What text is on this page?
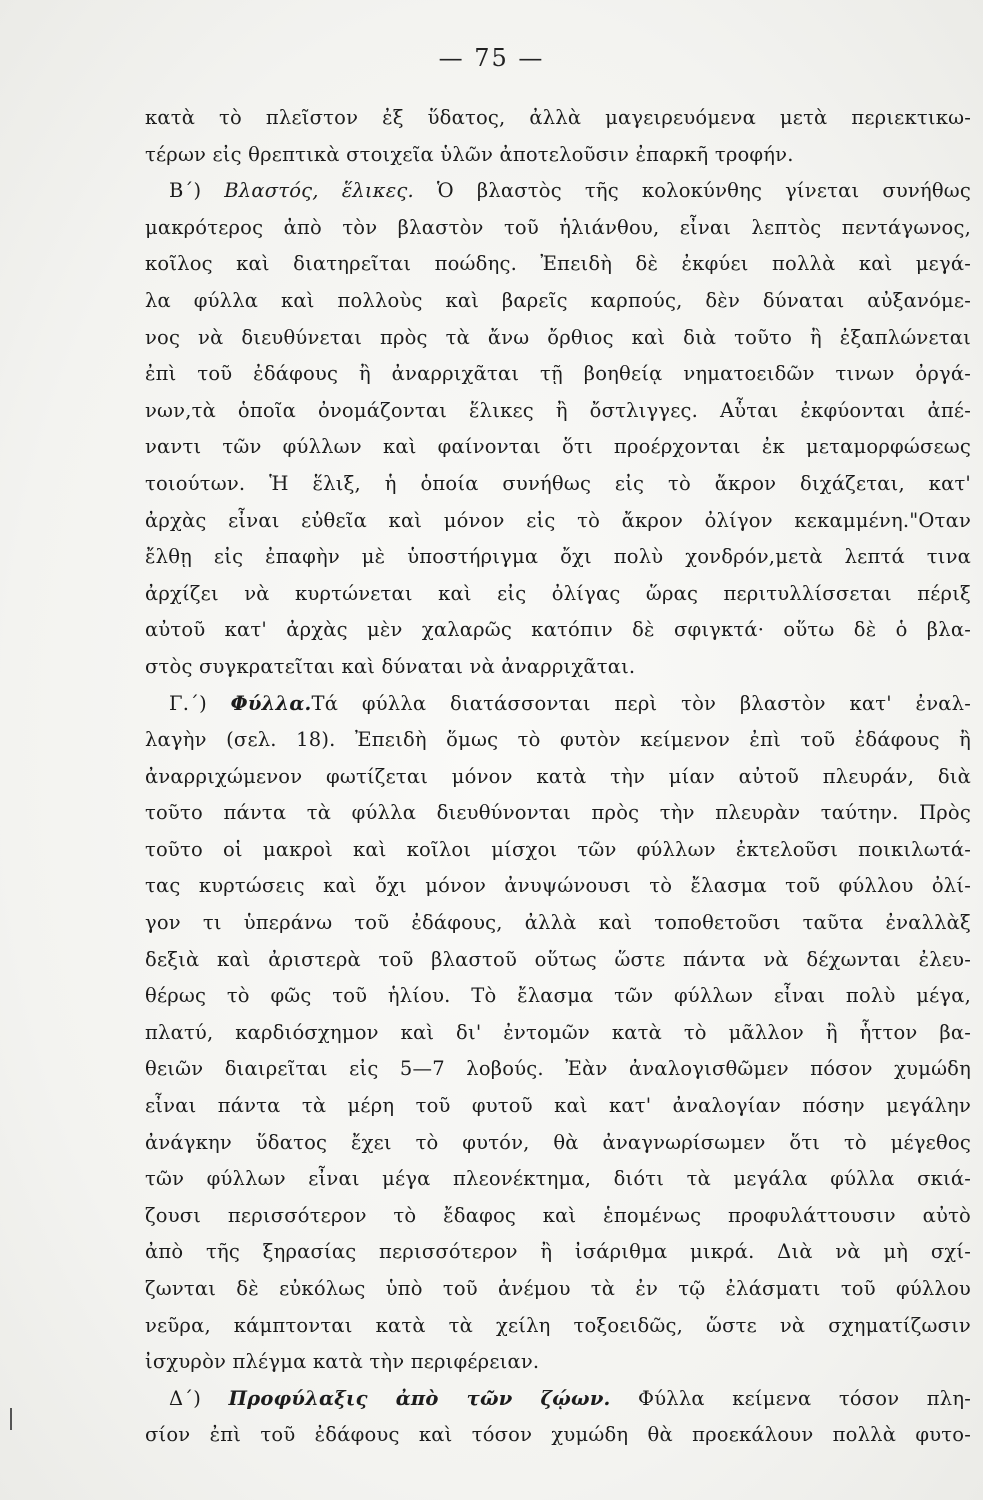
— 75 —
κατὰ τὸ πλεῖστον ἐξ ὕδατος, ἀλλὰ μαγειρευόμενα μετὰ περιεκτικω-
τέρων εἰς θρεπτικὰ στοιχεῖα ὑλῶν ἀποτελοῦσιν ἐπαρκῆ τροφήν.
Β΄) Βλαστός, ἕλικες. Ὁ βλαστὸς τῆς κολοκύνθης γίνεται συνήθως
μακρότερος ἀπὸ τὸν βλαστὸν τοῦ ἡλιάνθου, εἶναι λεπτὸς πεντάγωνος,
κοῖλος καὶ διατηρεῖται ποώδης. Ἐπειδὴ δὲ ἐκφύει πολλὰ καὶ μεγά-
λα φύλλα καὶ πολλοὺς καὶ βαρεῖς καρπούς, δὲν δύναται αὐξανόμε-
νος νὰ διευθύνεται πρὸς τὰ ἄνω ὄρθιος καὶ διὰ τοῦτο ἢ ἐξαπλώνεται
ἐπὶ τοῦ ἐδάφους ἢ ἀναρριχᾶται τῇ βοηθείᾳ νηματοειδῶν τινων ὀργά-
νων,τὰ ὁποῖα ὀνομάζονται ἕλικες ἢ ὄστλιγγες. Αὗται ἐκφύονται ἀπέ-
ναντι τῶν φύλλων καὶ φαίνονται ὅτι προέρχονται ἐκ μεταμορφώσεως
τοιούτων. Ἡ ἕλιξ, ἡ ὁποία συνήθως εἰς τὸ ἄκρον διχάζεται, κατ'
ἀρχὰς εἶναι εὐθεῖα καὶ μόνον εἰς τὸ ἄκρον ὀλίγον κεκαμμένη."Οταν
ἔλθῃ εἰς ἐπαφὴν μὲ ὑποστήριγμα ὄχι πολὺ χονδρόν,μετὰ λεπτά τινα
ἀρχίζει νὰ κυρτώνεται καὶ εἰς ὀλίγας ὥρας περιτυλλίσσεται πέριξ
αὐτοῦ κατ' ἀρχὰς μὲν χαλαρῶς κατόπιν δὲ σφιγκτά· οὕτω δὲ ὁ βλα-
στὸς συγκρατεῖται καὶ δύναται νὰ ἀναρριχᾶται.
Γ.΄) Φύλλα.Τά φύλλα διατάσσονται περὶ τὸν βλαστὸν κατ' ἐναλ-
λαγὴν (σελ. 18). Ἐπειδὴ ὅμως τὸ φυτὸν κείμενον ἐπὶ τοῦ ἐδάφους ἢ
ἀναρριχώμενον φωτίζεται μόνον κατὰ τὴν μίαν αὐτοῦ πλευράν, διὰ
τοῦτο πάντα τὰ φύλλα διευθύνονται πρὸς τὴν πλευρὰν ταύτην. Πρὸς
τοῦτο οἱ μακροὶ καὶ κοῖλοι μίσχοι τῶν φύλλων ἐκτελοῦσι ποικιλωτά-
τας κυρτώσεις καὶ ὄχι μόνον ἀνυψώνουσι τὸ ἔλασμα τοῦ φύλλου ὀλί-
γον τι ὑπεράνω τοῦ ἐδάφους, ἀλλὰ καὶ τοποθετοῦσι ταῦτα ἐναλλὰξ
δεξιὰ καὶ ἀριστερὰ τοῦ βλαστοῦ οὕτως ὥστε πάντα νὰ δέχωνται ἐλευ-
θέρως τὸ φῶς τοῦ ἡλίου. Τὸ ἔλασμα τῶν φύλλων εἶναι πολὺ μέγα,
πλατύ, καρδιόσχημον καὶ δι' ἐντομῶν κατὰ τὸ μᾶλλον ἢ ἧττον βα-
θειῶν διαιρεῖται εἰς 5—7 λοβούς. Ἐὰν ἀναλογισθῶμεν πόσον χυμώδη
εἶναι πάντα τὰ μέρη τοῦ φυτοῦ καὶ κατ' ἀναλογίαν πόσην μεγάλην
ἀνάγκην ὕδατος ἔχει τὸ φυτόν, θὰ ἀναγνωρίσωμεν ὅτι τὸ μέγεθος
τῶν φύλλων εἶναι μέγα πλεονέκτημα, διότι τὰ μεγάλα φύλλα σκιά-
ζουσι περισσότερον τὸ ἔδαφος καὶ ἑπομένως προφυλάττουσιν αὐτὸ
ἀπὸ τῆς ξηρασίας περισσότερον ἢ ἰσάριθμα μικρά. Διὰ νὰ μὴ σχί-
ζωνται δὲ εὐκόλως ὑπὸ τοῦ ἀνέμου τὰ ἐν τῷ ἐλάσματι τοῦ φύλλου
νεῦρα, κάμπτονται κατὰ τὰ χείλη τοξοειδῶς, ὥστε νὰ σχηματίζωσιν
ἰσχυρὸν πλέγμα κατὰ τὴν περιφέρειαν.
Δ΄) Προφύλαξις ἀπὸ τῶν ζῴων. Φύλλα κείμενα τόσον πλη-
σίον ἐπὶ τοῦ ἐδάφους καὶ τόσον χυμώδη θὰ προεκάλουν πολλὰ φυτο-
